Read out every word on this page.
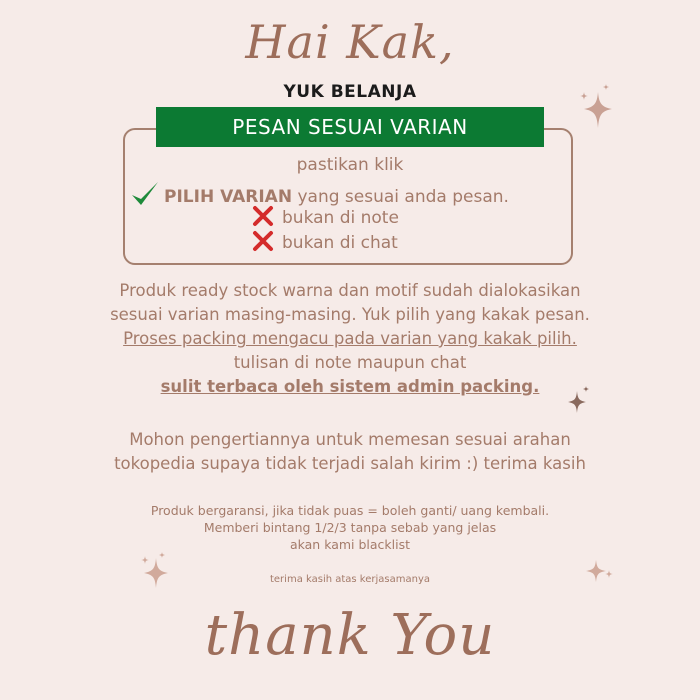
Hai Kak,
YUK BELANJA
PESAN SESUAI VARIAN
pastikan klik
PILIH VARIAN yang sesuai anda pesan.
bukan di note
bukan di chat
Produk ready stock warna dan motif sudah dialokasikan
sesuai varian masing-masing. Yuk pilih yang kakak pesan.
Proses packing mengacu pada varian yang kakak pilih.
tulisan di note maupun chat
sulit terbaca oleh sistem admin packing.
Mohon pengertiannya untuk memesan sesuai arahan
tokopedia supaya tidak terjadi salah kirim :) terima kasih
Produk bergaransi, jika tidak puas = boleh ganti/ uang kembali.
Memberi bintang 1/2/3 tanpa sebab yang jelas
akan kami blacklist
terima kasih atas kerjasamanya
thank You
